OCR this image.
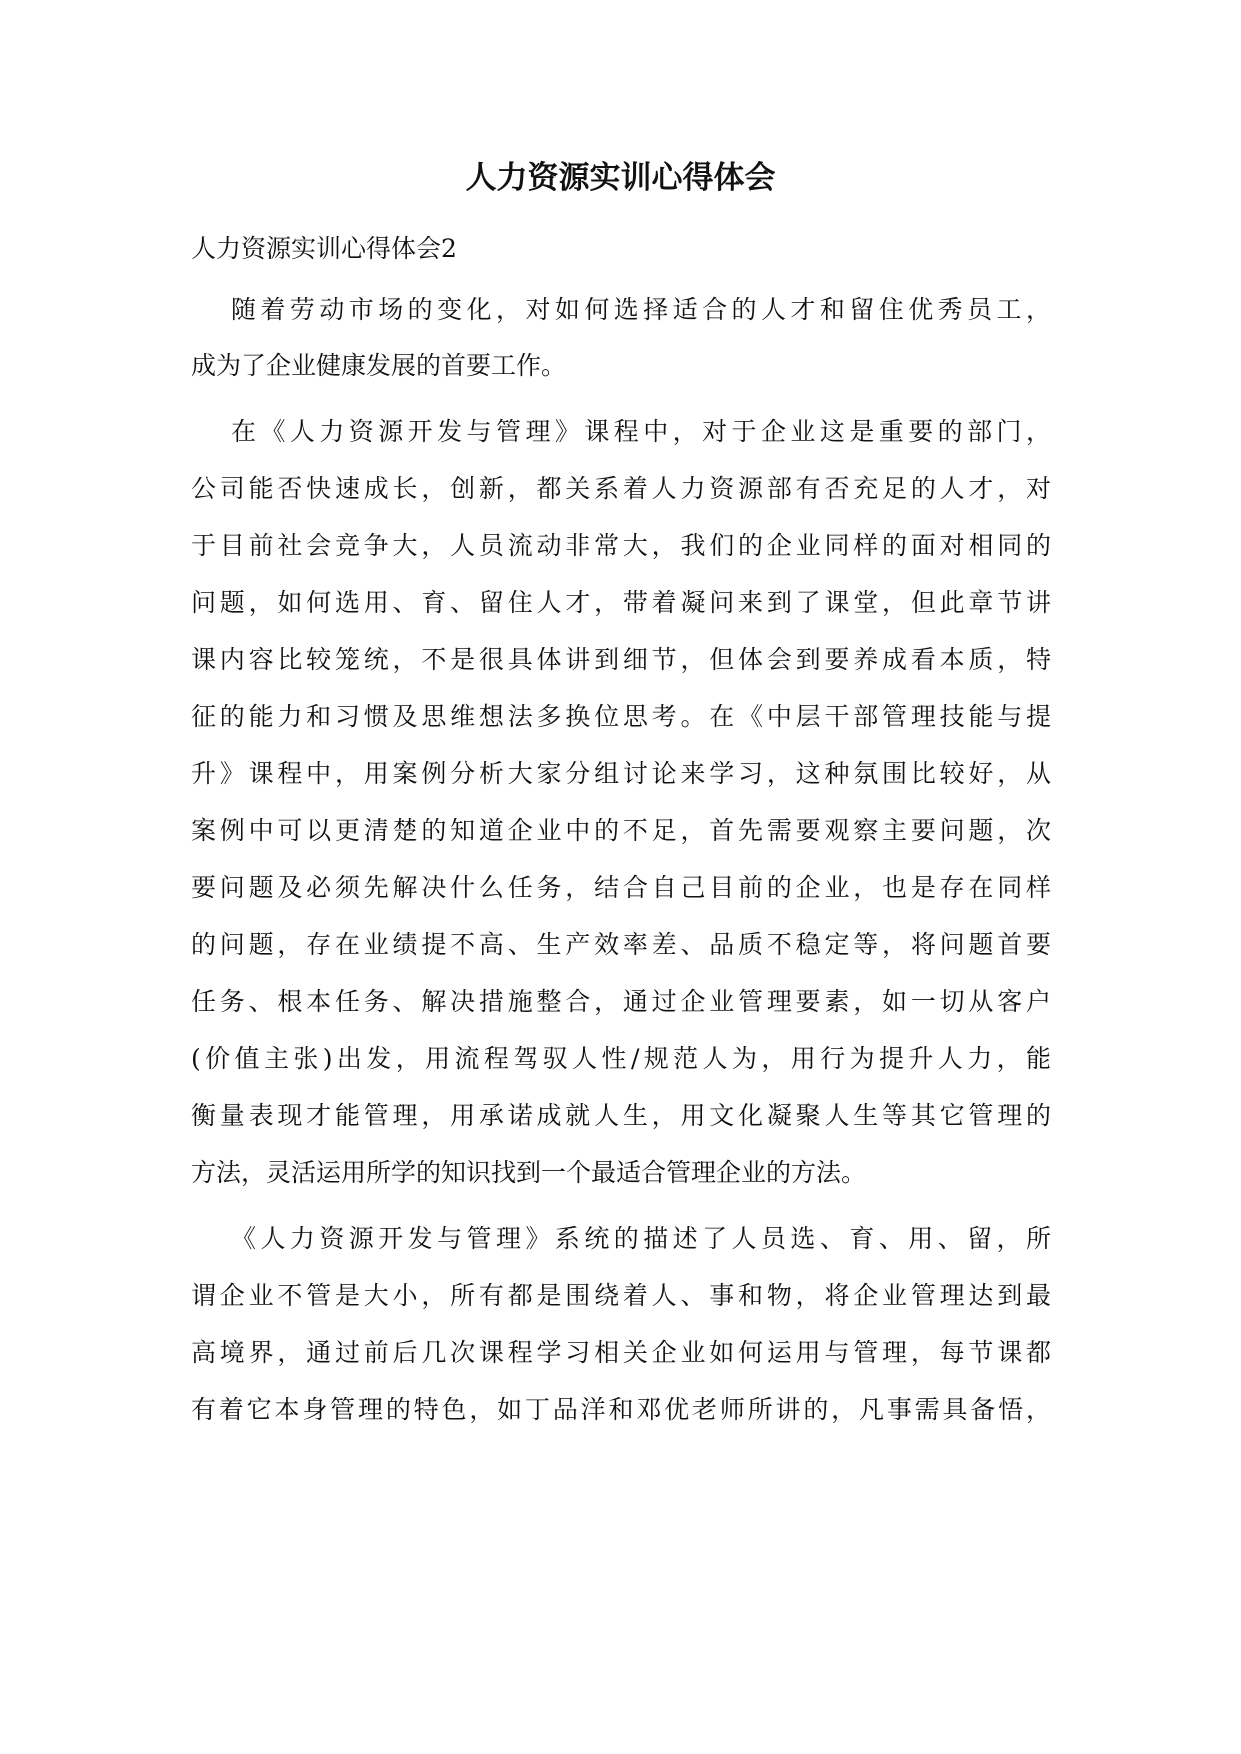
人力资源实训心得体会

人力资源实训心得体会2

随着劳动市场的变化，对如何选择适合的人才和留住优秀员工，

成为了企业健康发展的首要工作。

在《人力资源开发与管理》课程中，对于企业这是重要的部门，

公司能否快速成长，创新，都关系着人力资源部有否充足的人才，对

于目前社会竞争大，人员流动非常大，我们的企业同样的面对相同的

问题，如何选用、育、留住人才，带着凝问来到了课堂，但此章节讲

课内容比较笼统，不是很具体讲到细节，但体会到要养成看本质，特

征的能力和习惯及思维想法多换位思考。在《中层干部管理技能与提

升》课程中，用案例分析大家分组讨论来学习，这种氛围比较好，从

案例中可以更清楚的知道企业中的不足，首先需要观察主要问题，次

要问题及必须先解决什么任务，结合自己目前的企业，也是存在同样

的问题，存在业绩提不高、生产效率差、品质不稳定等，将问题首要

任务、根本任务、解决措施整合，通过企业管理要素，如一切从客户

(价值主张)出发，用流程驾驭人性/规范人为，用行为提升人力，能

衡量表现才能管理，用承诺成就人生，用文化凝聚人生等其它管理的

方法，灵活运用所学的知识找到一个最适合管理企业的方法。

《人力资源开发与管理》系统的描述了人员选、育、用、留，所

谓企业不管是大小，所有都是围绕着人、事和物，将企业管理达到最

高境界，通过前后几次课程学习相关企业如何运用与管理，每节课都

有着它本身管理的特色，如丁品洋和邓优老师所讲的，凡事需具备悟，
